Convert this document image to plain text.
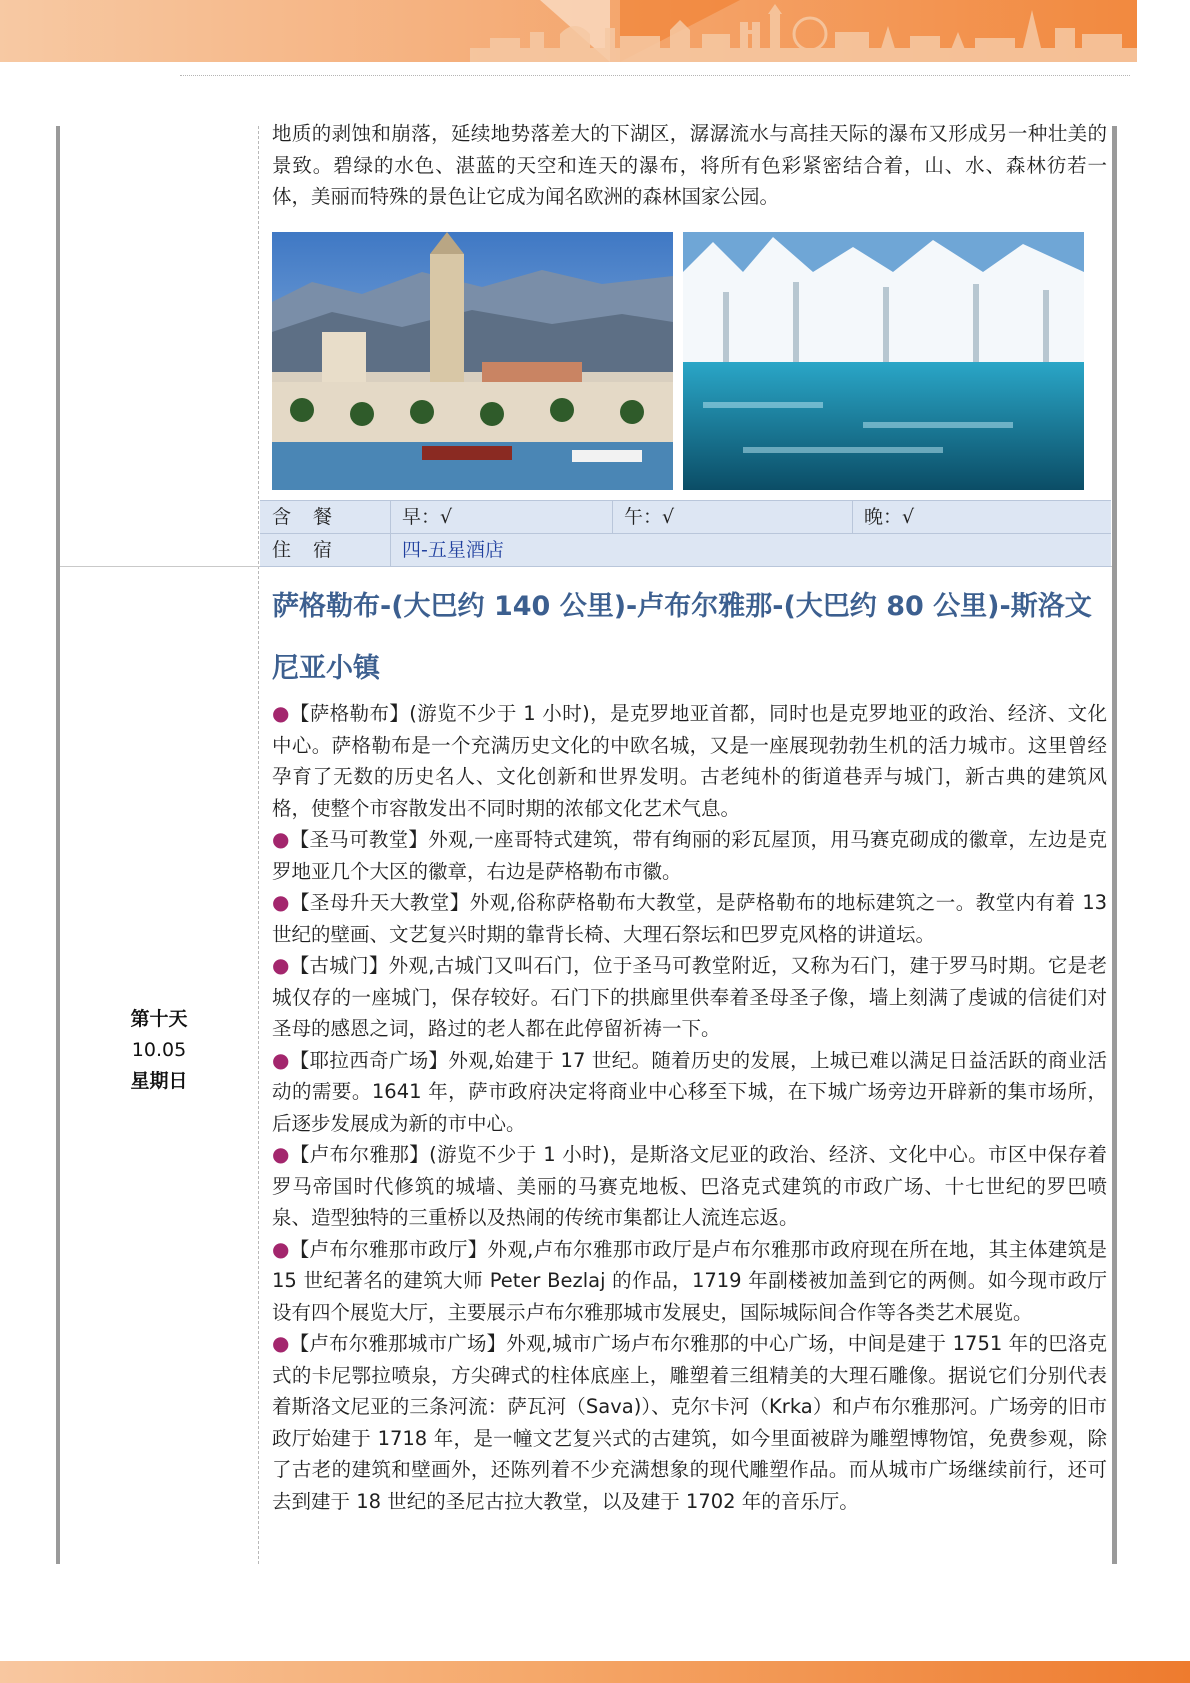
地质的剥蚀和崩落，延续地势落差大的下湖区，潺潺流水与高挂天际的瀑布又形成另一种壮美的景致。碧绿的水色、湛蓝的天空和连天的瀑布，将所有色彩紧密结合着，山、水、森林彷若一体，美丽而特殊的景色让它成为闻名欧洲的森林国家公园。

含餐	早：√	午：√	晚：√
住宿	四-五星酒店
第十天
10.05
星期日
萨格勒布-(大巴约 140 公里)-卢布尔雅那-(大巴约 80 公里)-斯洛文尼亚小镇
●【萨格勒布】(游览不少于 1 小时)，是克罗地亚首都，同时也是克罗地亚的政治、经济、文化中心。萨格勒布是一个充满历史文化的中欧名城，又是一座展现勃勃生机的活力城市。这里曾经孕育了无数的历史名人、文化创新和世界发明。古老纯朴的街道巷弄与城门，新古典的建筑风格，使整个市容散发出不同时期的浓郁文化艺术气息。
●【圣马可教堂】外观,一座哥特式建筑，带有绚丽的彩瓦屋顶，用马赛克砌成的徽章，左边是克罗地亚几个大区的徽章，右边是萨格勒布市徽。
●【圣母升天大教堂】外观,俗称萨格勒布大教堂，是萨格勒布的地标建筑之一。教堂内有着 13 世纪的壁画、文艺复兴时期的靠背长椅、大理石祭坛和巴罗克风格的讲道坛。
●【古城门】外观,古城门又叫石门，位于圣马可教堂附近，又称为石门，建于罗马时期。它是老城仅存的一座城门，保存较好。石门下的拱廊里供奉着圣母圣子像，墙上刻满了虔诚的信徒们对圣母的感恩之词，路过的老人都在此停留祈祷一下。
●【耶拉西奇广场】外观,始建于 17 世纪。随着历史的发展，上城已难以满足日益活跃的商业活动的需要。1641 年，萨市政府决定将商业中心移至下城，在下城广场旁边开辟新的集市场所，后逐步发展成为新的市中心。
●【卢布尔雅那】(游览不少于 1 小时)，是斯洛文尼亚的政治、经济、文化中心。市区中保存着罗马帝国时代修筑的城墙、美丽的马赛克地板、巴洛克式建筑的市政广场、十七世纪的罗巴喷泉、造型独特的三重桥以及热闹的传统市集都让人流连忘返。
●【卢布尔雅那市政厅】外观,卢布尔雅那市政厅是卢布尔雅那市政府现在所在地，其主体建筑是 15 世纪著名的建筑大师 Peter Bezlaj 的作品，1719 年副楼被加盖到它的两侧。如今现市政厅设有四个展览大厅，主要展示卢布尔雅那城市发展史，国际城际间合作等各类艺术展览。
●【卢布尔雅那城市广场】外观,城市广场卢布尔雅那的中心广场，中间是建于 1751 年的巴洛克式的卡尼鄂拉喷泉，方尖碑式的柱体底座上，雕塑着三组精美的大理石雕像。据说它们分别代表着斯洛文尼亚的三条河流：萨瓦河（Sava)）、克尔卡河（Krka）和卢布尔雅那河。广场旁的旧市政厅始建于 1718 年，是一幢文艺复兴式的古建筑，如今里面被辟为雕塑博物馆，免费参观，除了古老的建筑和壁画外，还陈列着不少充满想象的现代雕塑作品。而从城市广场继续前行，还可去到建于 18 世纪的圣尼古拉大教堂，以及建于 1702 年的音乐厅。
